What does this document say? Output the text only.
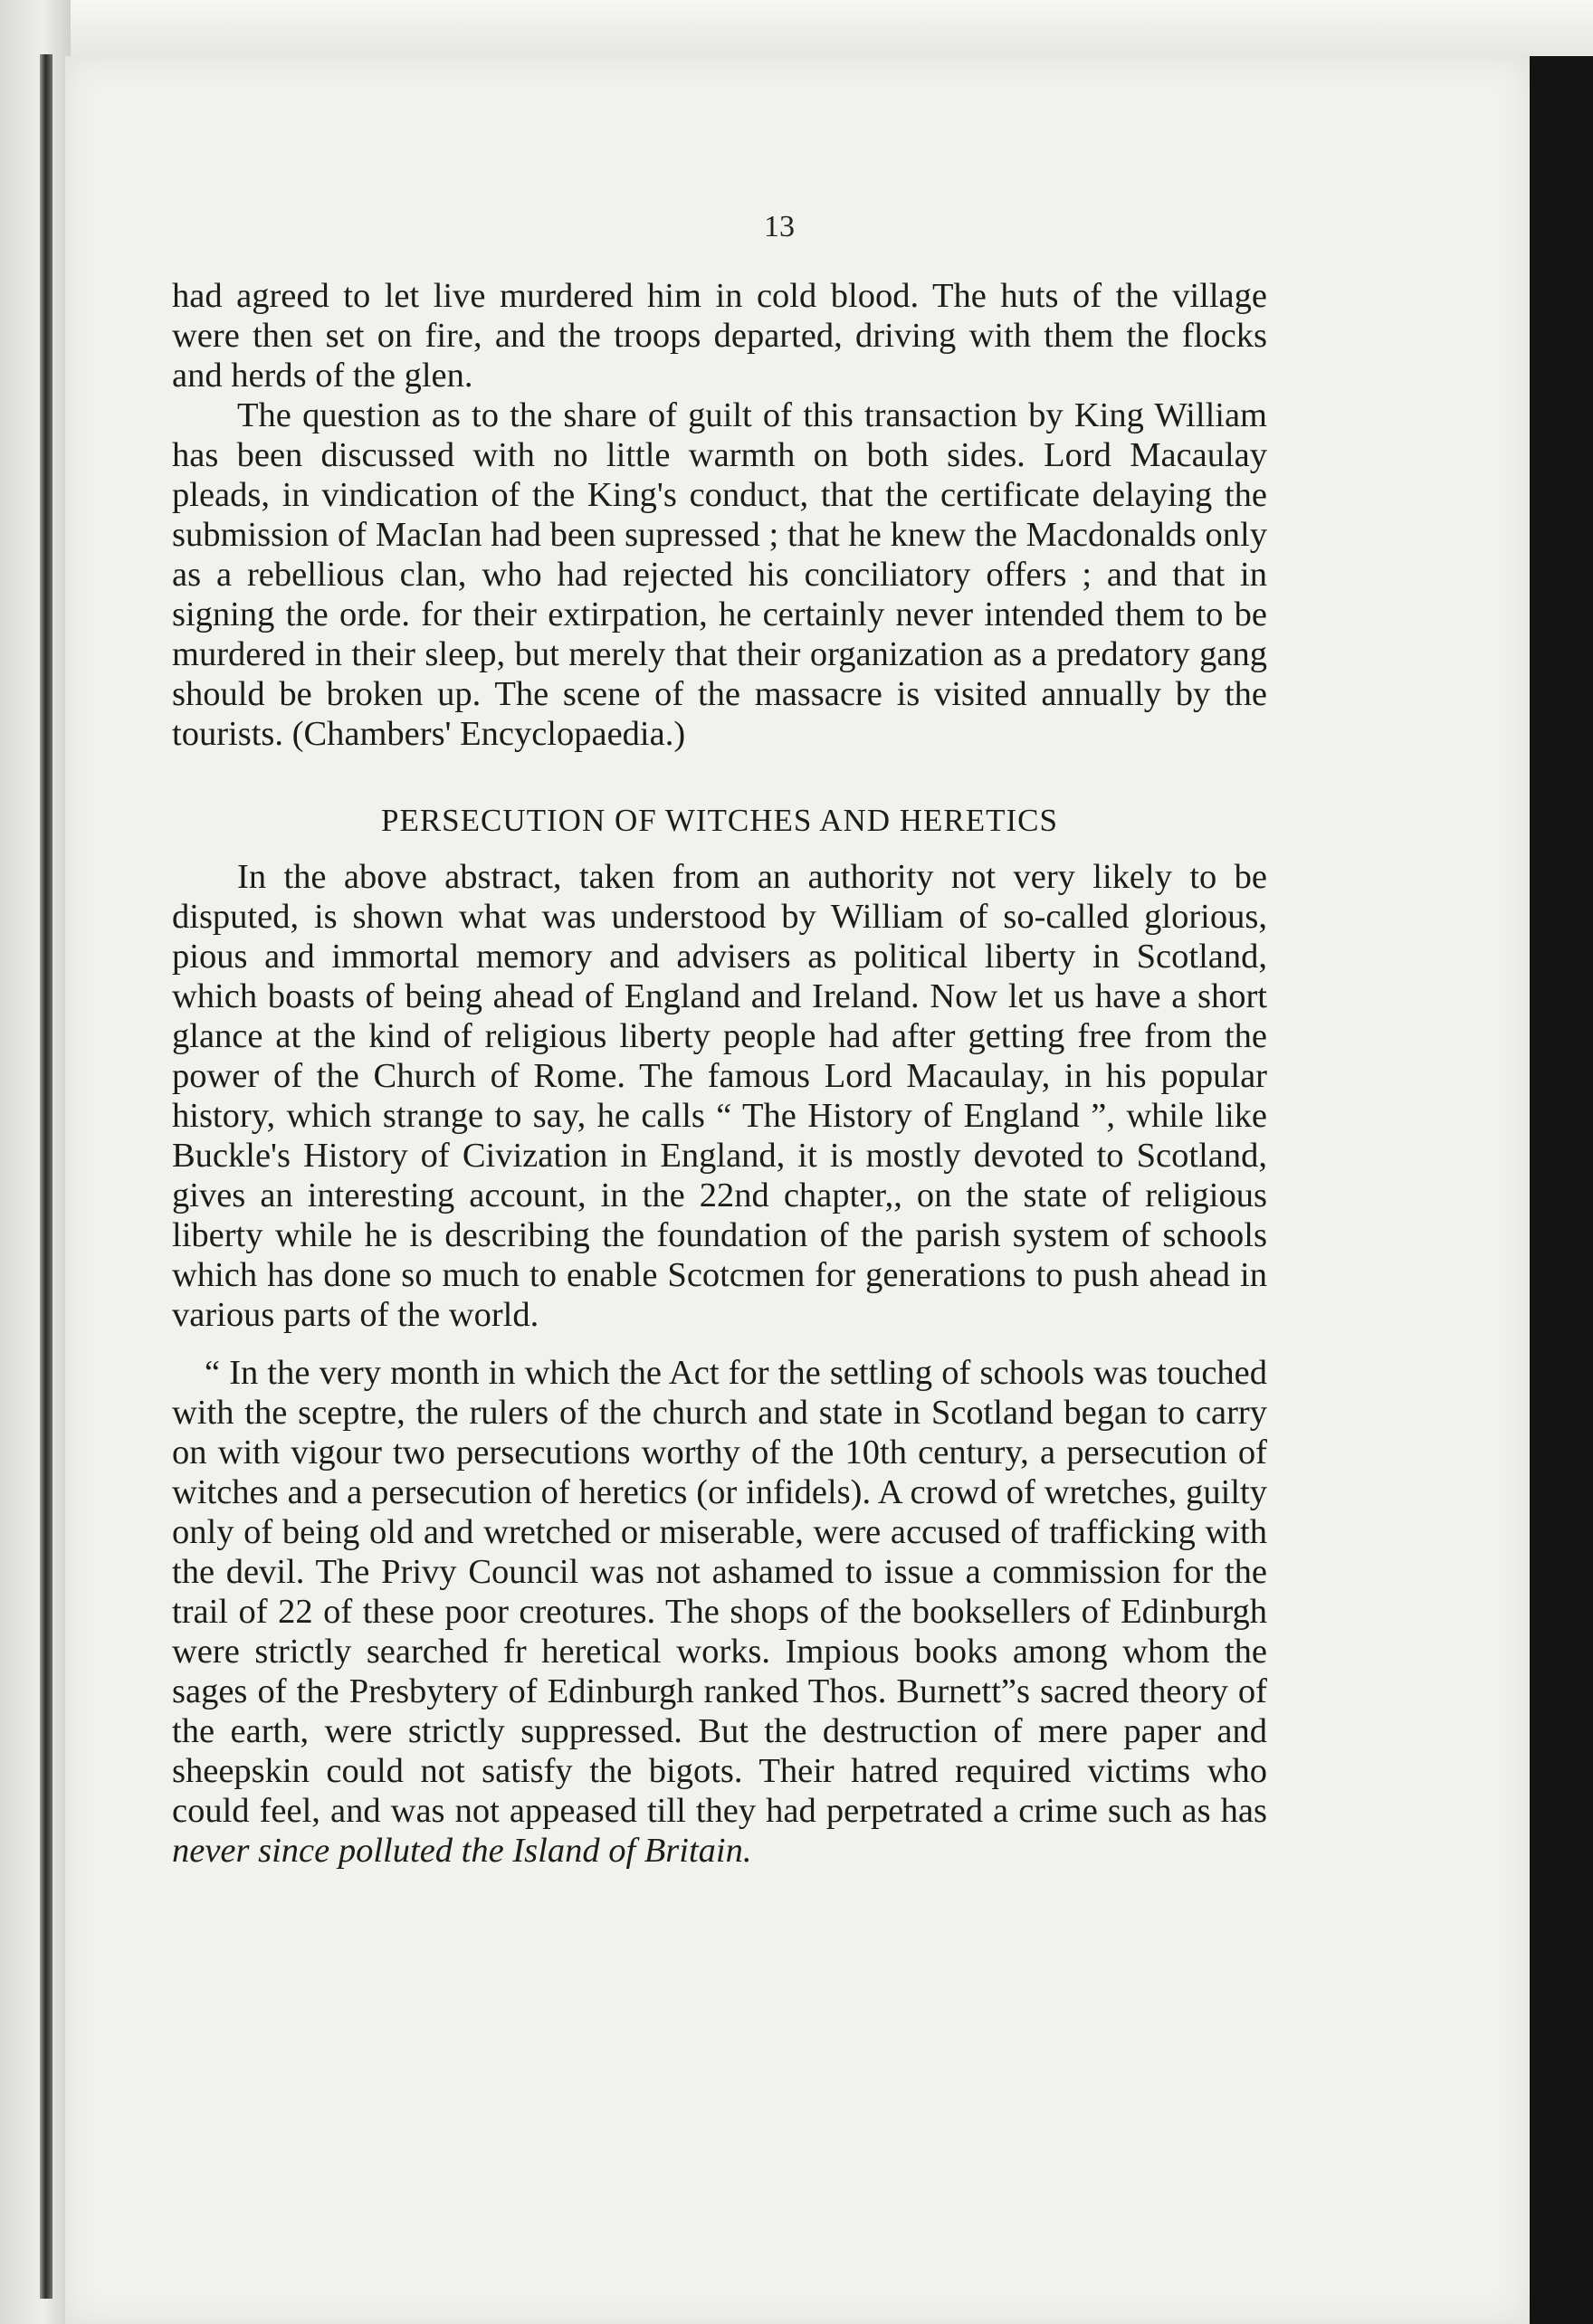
13

had agreed to let live murdered him in cold blood. The huts of the village were then set on fire, and the troops departed, driving with them the flocks and herds of the glen.

The question as to the share of guilt of this transaction by King William has been discussed with no little warmth on both sides. Lord Macaulay pleads, in vindication of the King's conduct, that the certificate delaying the submission of MacIan had been supressed ; that he knew the Macdonalds only as a rebellious clan, who had rejected his conciliatory offers ; and that in signing the orde. for their extirpation, he certainly never intended them to be murdered in their sleep, but merely that their organization as a predatory gang should be broken up. The scene of the massacre is visited annually by the tourists. (Chambers' Encyclopaedia.)

PERSECUTION OF WITCHES AND HERETICS

In the above abstract, taken from an authority not very likely to be disputed, is shown what was understood by William of so-called glorious, pious and immortal memory and advisers as political liberty in Scotland, which boasts of being ahead of England and Ireland. Now let us have a short glance at the kind of religious liberty people had after getting free from the power of the Church of Rome. The famous Lord Macaulay, in his popular history, which strange to say, he calls “ The History of England ”, while like Buckle's History of Civization in England, it is mostly devoted to Scotland, gives an interesting account, in the 22nd chapter,, on the state of religious liberty while he is describing the foundation of the parish system of schools which has done so much to enable Scotcmen for generations to push ahead in various parts of the world.

“ In the very month in which the Act for the settling of schools was touched with the sceptre, the rulers of the church and state in Scotland began to carry on with vigour two persecutions worthy of the 10th century, a persecution of witches and a persecution of heretics (or infidels). A crowd of wretches, guilty only of being old and wretched or miserable, were accused of trafficking with the devil. The Privy Council was not ashamed to issue a commission for the trail of 22 of these poor creotures. The shops of the booksellers of Edinburgh were strictly searched fr heretical works. Impious books among whom the sages of the Presbytery of Edinburgh ranked Thos. Burnett”s sacred theory of the earth, were strictly suppressed. But the destruction of mere paper and sheepskin could not satisfy the bigots. Their hatred required victims who could feel, and was not appeased till they had perpetrated a crime such as has never since polluted the Island of Britain.
